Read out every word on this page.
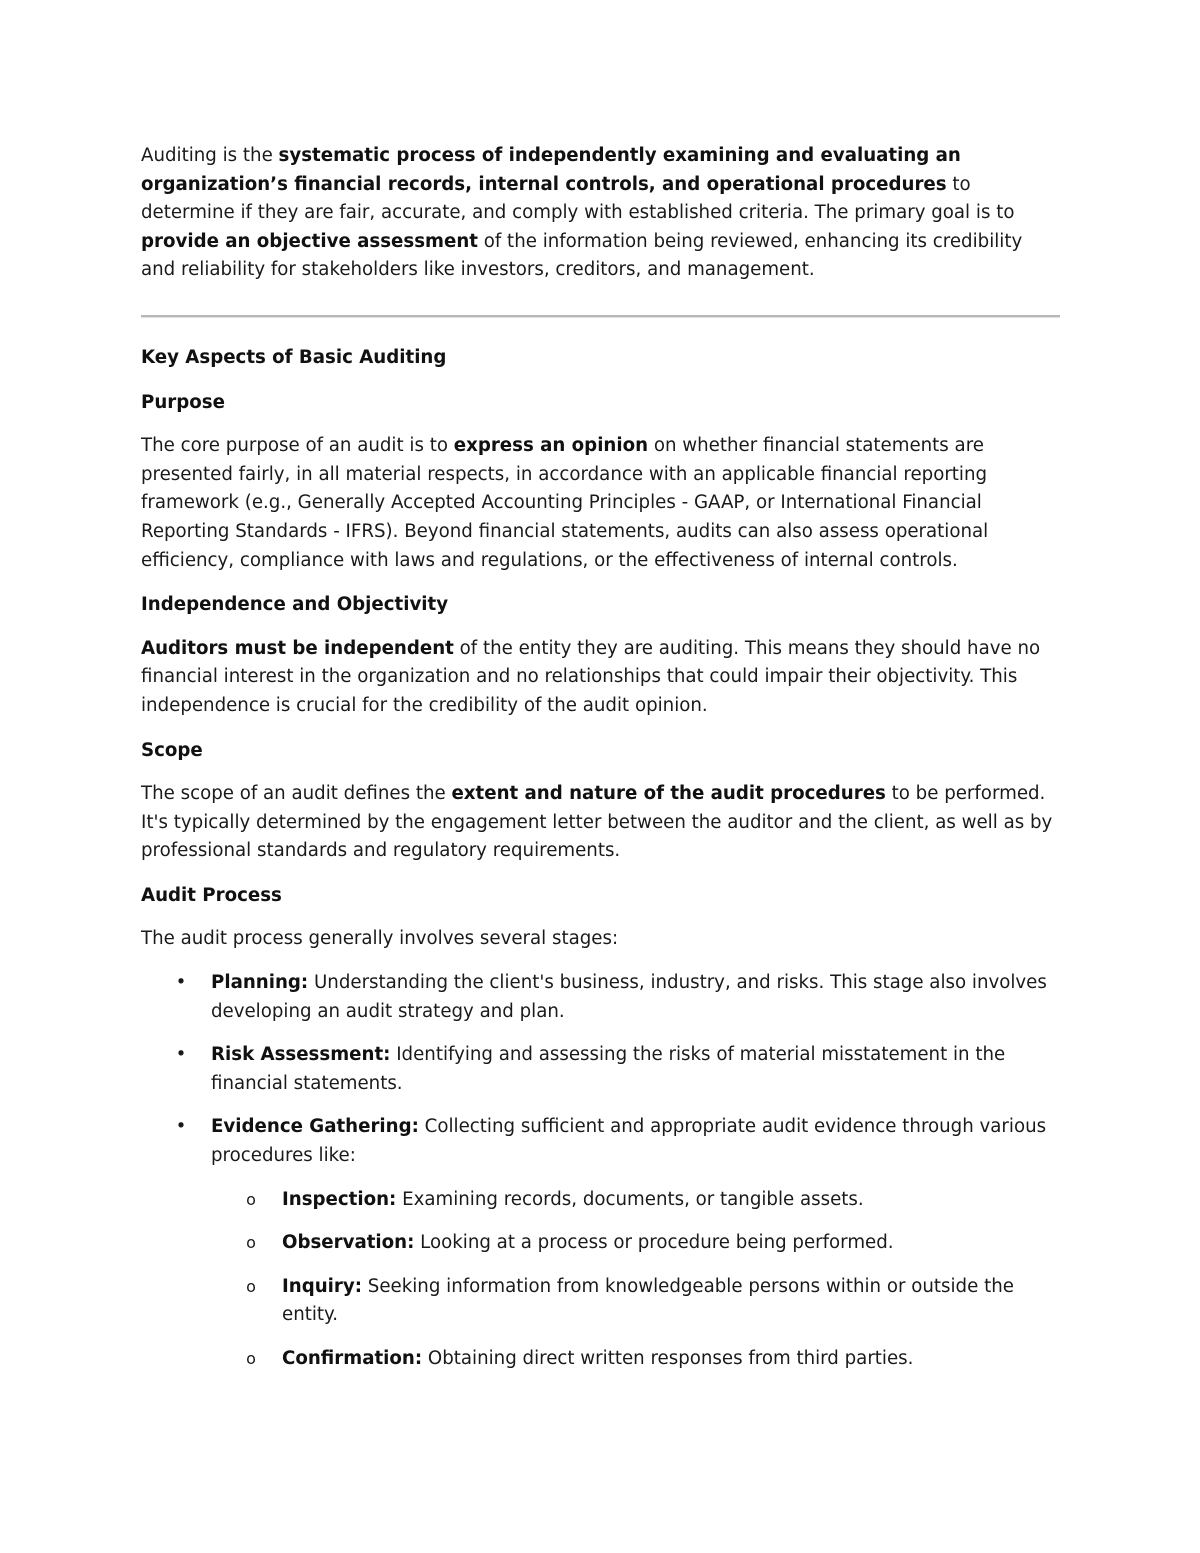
Auditing is the systematic process of independently examining and evaluating an organization’s financial records, internal controls, and operational procedures to determine if they are fair, accurate, and comply with established criteria. The primary goal is to provide an objective assessment of the information being reviewed, enhancing its credibility and reliability for stakeholders like investors, creditors, and management.

Key Aspects of Basic Auditing

Purpose

The core purpose of an audit is to express an opinion on whether financial statements are presented fairly, in all material respects, in accordance with an applicable financial reporting framework (e.g., Generally Accepted Accounting Principles - GAAP, or International Financial Reporting Standards - IFRS). Beyond financial statements, audits can also assess operational efficiency, compliance with laws and regulations, or the effectiveness of internal controls.

Independence and Objectivity

Auditors must be independent of the entity they are auditing. This means they should have no financial interest in the organization and no relationships that could impair their objectivity. This independence is crucial for the credibility of the audit opinion.

Scope

The scope of an audit defines the extent and nature of the audit procedures to be performed. It's typically determined by the engagement letter between the auditor and the client, as well as by professional standards and regulatory requirements.

Audit Process

The audit process generally involves several stages:

• Planning: Understanding the client's business, industry, and risks. This stage also involves developing an audit strategy and plan.
• Risk Assessment: Identifying and assessing the risks of material misstatement in the financial statements.
• Evidence Gathering: Collecting sufficient and appropriate audit evidence through various procedures like:
o Inspection: Examining records, documents, or tangible assets.
o Observation: Looking at a process or procedure being performed.
o Inquiry: Seeking information from knowledgeable persons within or outside the entity.
o Confirmation: Obtaining direct written responses from third parties.
